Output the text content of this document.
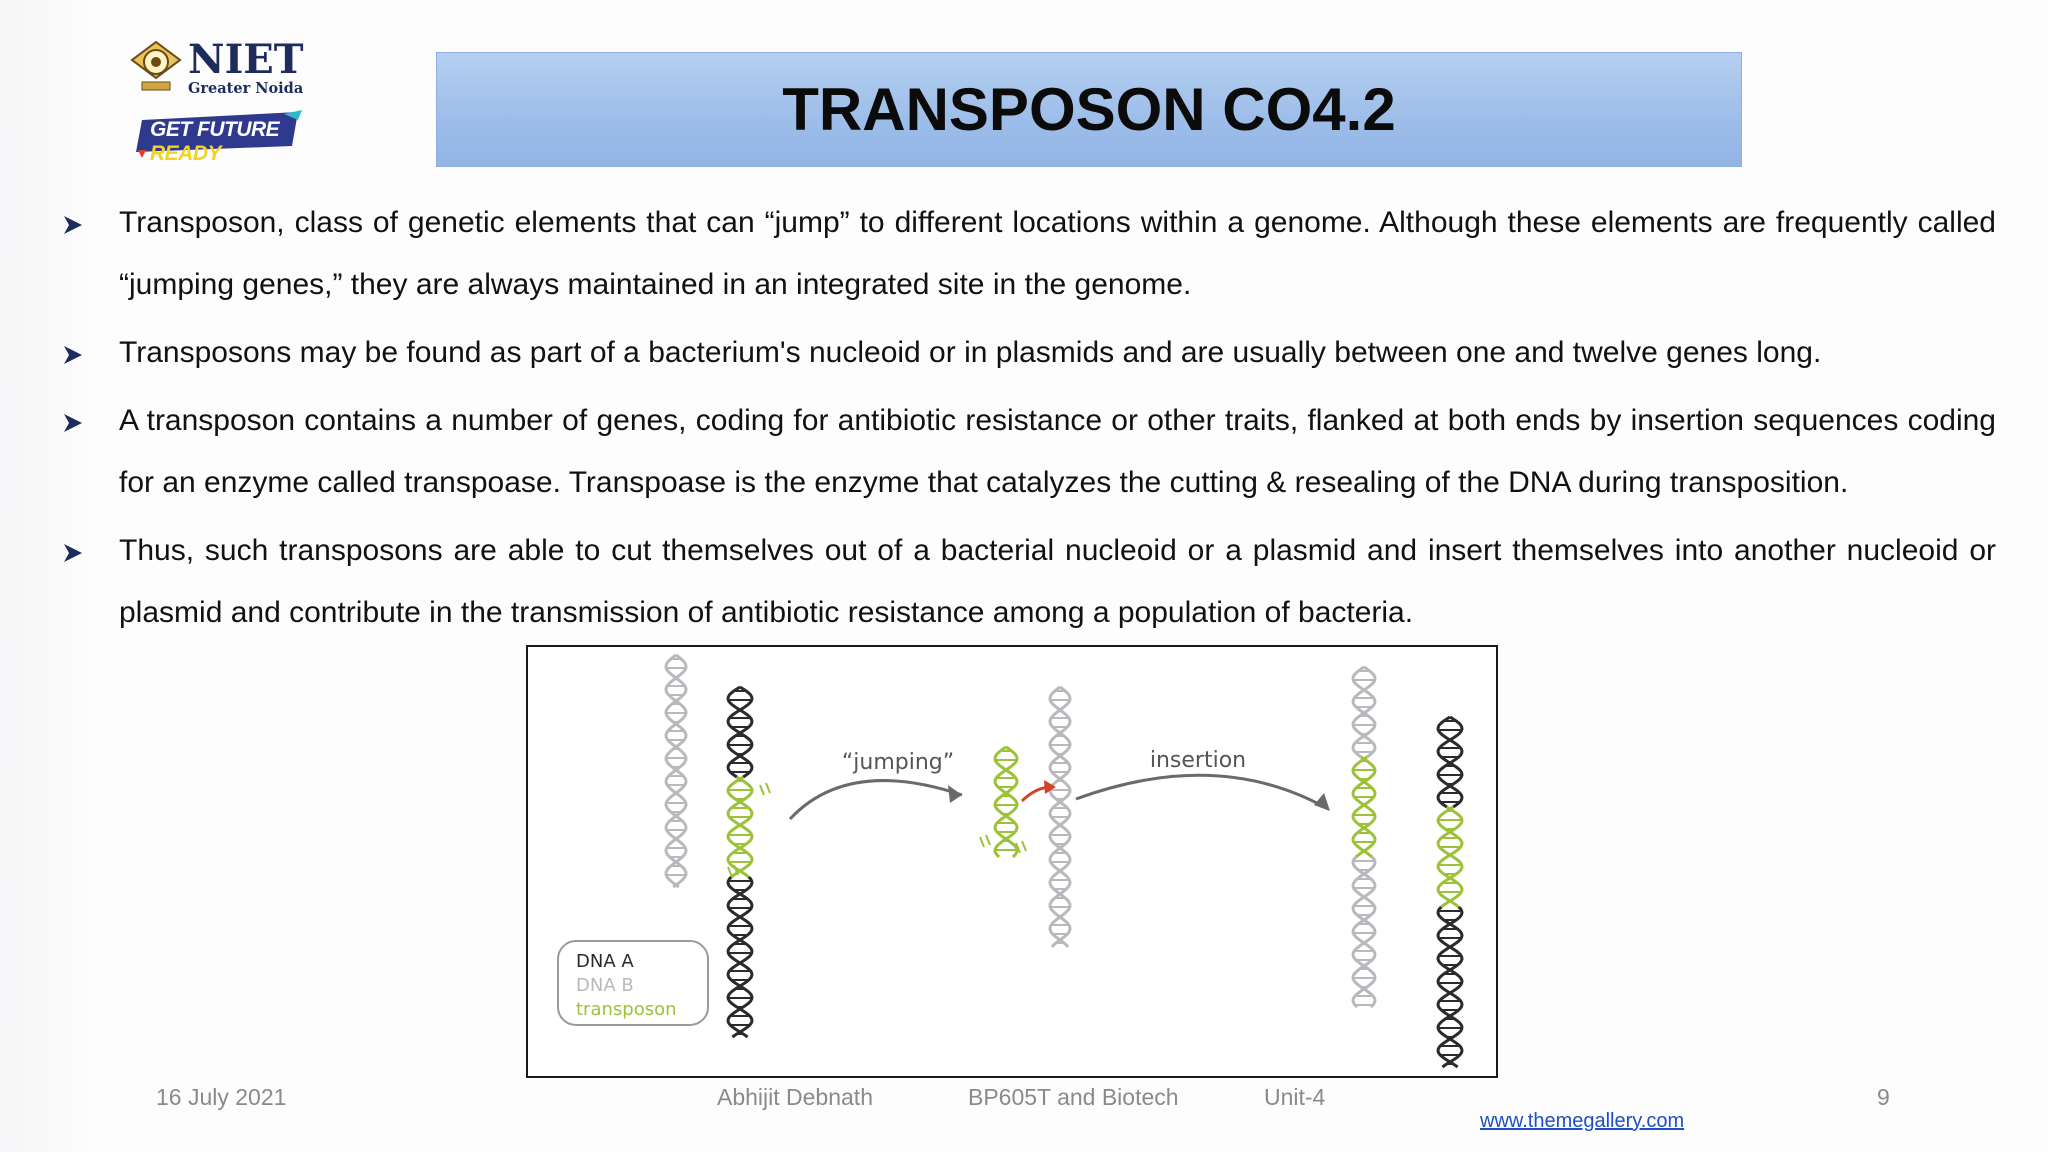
NIET
Greater Noida
GET FUTURE READY
TRANSPOSON CO4.2
Transposon, class of genetic elements that can “jump” to different locations within a genome. Although these elements are frequently called “jumping genes,” they are always maintained in an integrated site in the genome.
Transposons may be found as part of a bacterium's nucleoid or in plasmids and are usually between one and twelve genes long.
A transposon contains a number of genes, coding for antibiotic resistance or other traits, flanked at both ends by insertion sequences coding for an enzyme called transpoase. Transpoase is the enzyme that catalyzes the cutting & resealing of the DNA during transposition.
Thus, such transposons are able to cut themselves out of a bacterial nucleoid or a plasmid and insert themselves into another nucleoid or plasmid and contribute in the transmission of antibiotic resistance among a population of bacteria.
“jumping”	insertion
DNA A
DNA B
transposon
16 July 2021	Abhijit Debnath	BP605T and Biotech	Unit-4	9
www.themegallery.com
